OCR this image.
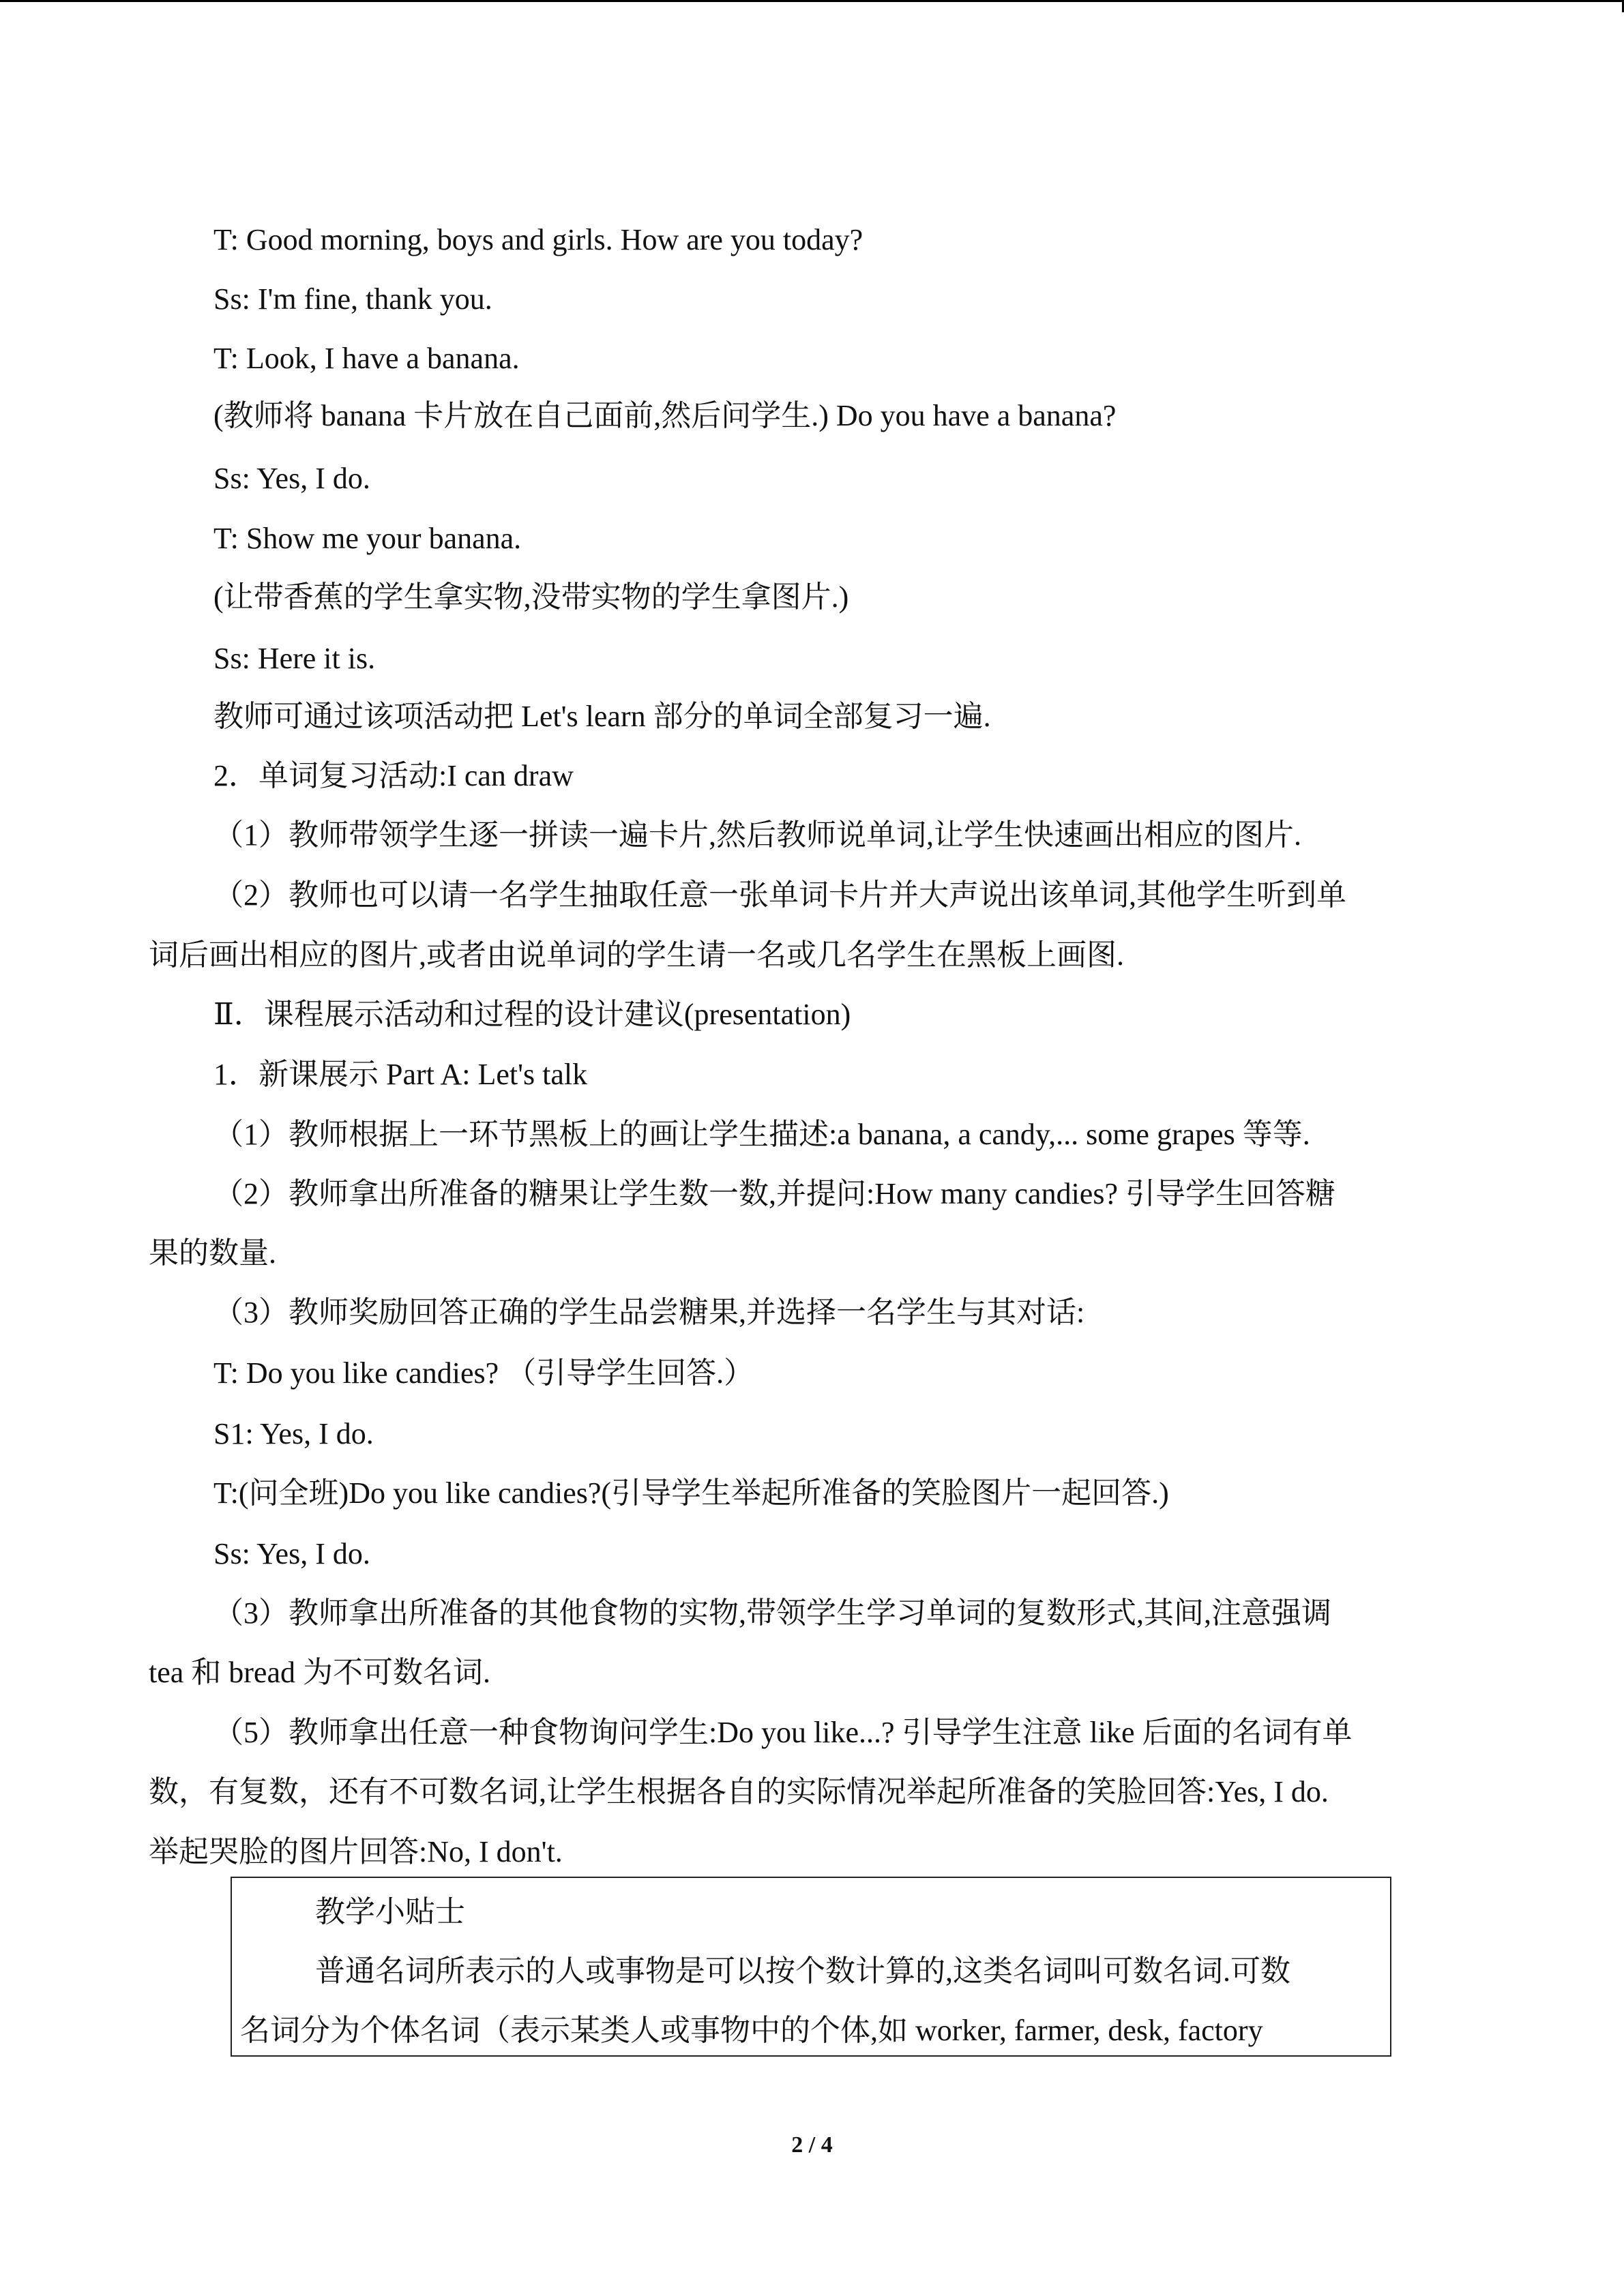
T: Good morning, boys and girls. How are you today?
Ss: I'm fine, thank you.
T: Look, I have a banana.
(教师将 banana 卡片放在自己面前,然后问学生.) Do you have a banana?
Ss: Yes, I do.
T: Show me your banana.
(让带香蕉的学生拿实物,没带实物的学生拿图片.)
Ss: Here it is.
教师可通过该项活动把 Let's learn 部分的单词全部复习一遍.
2．单词复习活动:I can draw
（1）教师带领学生逐一拼读一遍卡片,然后教师说单词,让学生快速画出相应的图片.
（2）教师也可以请一名学生抽取任意一张单词卡片并大声说出该单词,其他学生听到单
词后画出相应的图片,或者由说单词的学生请一名或几名学生在黑板上画图.
Ⅱ．课程展示活动和过程的设计建议(presentation)
1．新课展示 Part A: Let's talk
（1）教师根据上一环节黑板上的画让学生描述:a banana, a candy,... some grapes 等等.
（2）教师拿出所准备的糖果让学生数一数,并提问:How many candies? 引导学生回答糖
果的数量.
（3）教师奖励回答正确的学生品尝糖果,并选择一名学生与其对话:
T: Do you like candies? （引导学生回答.）
S1: Yes, I do.
T:(问全班)Do you like candies?(引导学生举起所准备的笑脸图片一起回答.)
Ss: Yes, I do.
（3）教师拿出所准备的其他食物的实物,带领学生学习单词的复数形式,其间,注意强调
tea 和 bread 为不可数名词.
（5）教师拿出任意一种食物询问学生:Do you like...? 引导学生注意 like 后面的名词有单
数，有复数，还有不可数名词,让学生根据各自的实际情况举起所准备的笑脸回答:Yes, I do.
举起哭脸的图片回答:No, I don't.
教学小贴士
普通名词所表示的人或事物是可以按个数计算的,这类名词叫可数名词.可数
名词分为个体名词（表示某类人或事物中的个体,如 worker, farmer, desk, factory
2 / 4
